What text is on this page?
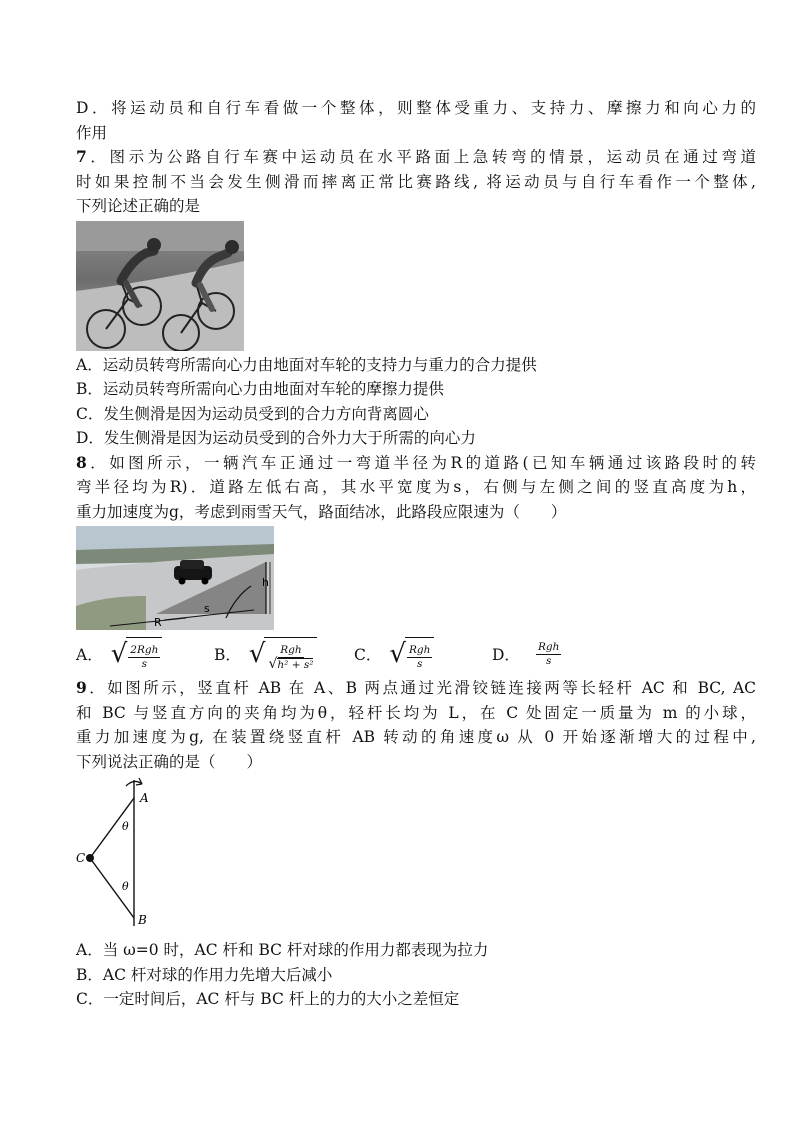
D．将运动员和自行车看做一个整体，则整体受重力、支持力、摩擦力和向心力的
作用
7．图示为公路自行车赛中运动员在水平路面上急转弯的情景，运动员在通过弯道
时如果控制不当会发生侧滑而摔离正常比赛路线, 将运动员与自行车看作一个整体,
下列论述正确的是
A．运动员转弯所需向心力由地面对车轮的支持力与重力的合力提供
B．运动员转弯所需向心力由地面对车轮的摩擦力提供
C．发生侧滑是因为运动员受到的合力方向背离圆心
D．发生侧滑是因为运动员受到的合外力大于所需的向心力
8．如图所示，一辆汽车正通过一弯道半径为R的道路(已知车辆通过该路段时的转
弯半径均为R)．道路左低右高，其水平宽度为s，右侧与左侧之间的竖直高度为h，
重力加速度为g，考虑到雨雪天气，路面结冰，此路段应限速为（　　）
h
s
R
A． √ $\frac{\text{2Rgh}}{s}$	B． √ $\frac{\text{Rgh}}{\text{√h² + s²}}$ C． √ $\frac{\text{Rgh}}{s}$	D． $\frac{\text{Rgh}}{s}$
9．如图所示，竖直杆 AB 在 A、B 两点通过光滑铰链连接两等长轻杆 AC 和 BC, AC
和 BC 与竖直方向的夹角均为θ，轻杆长均为 L，在 C 处固定一质量为 m 的小球，
重力加速度为g, 在装置绕竖直杆 AB 转动的角速度ω 从 0 开始逐渐增大的过程中,
下列说法正确的是（　　）
A
B
C
θ
θ
A．当 ω=0 时，AC 杆和 BC 杆对球的作用力都表现为拉力
B．AC 杆对球的作用力先增大后减小
C．一定时间后，AC 杆与 BC 杆上的力的大小之差恒定
